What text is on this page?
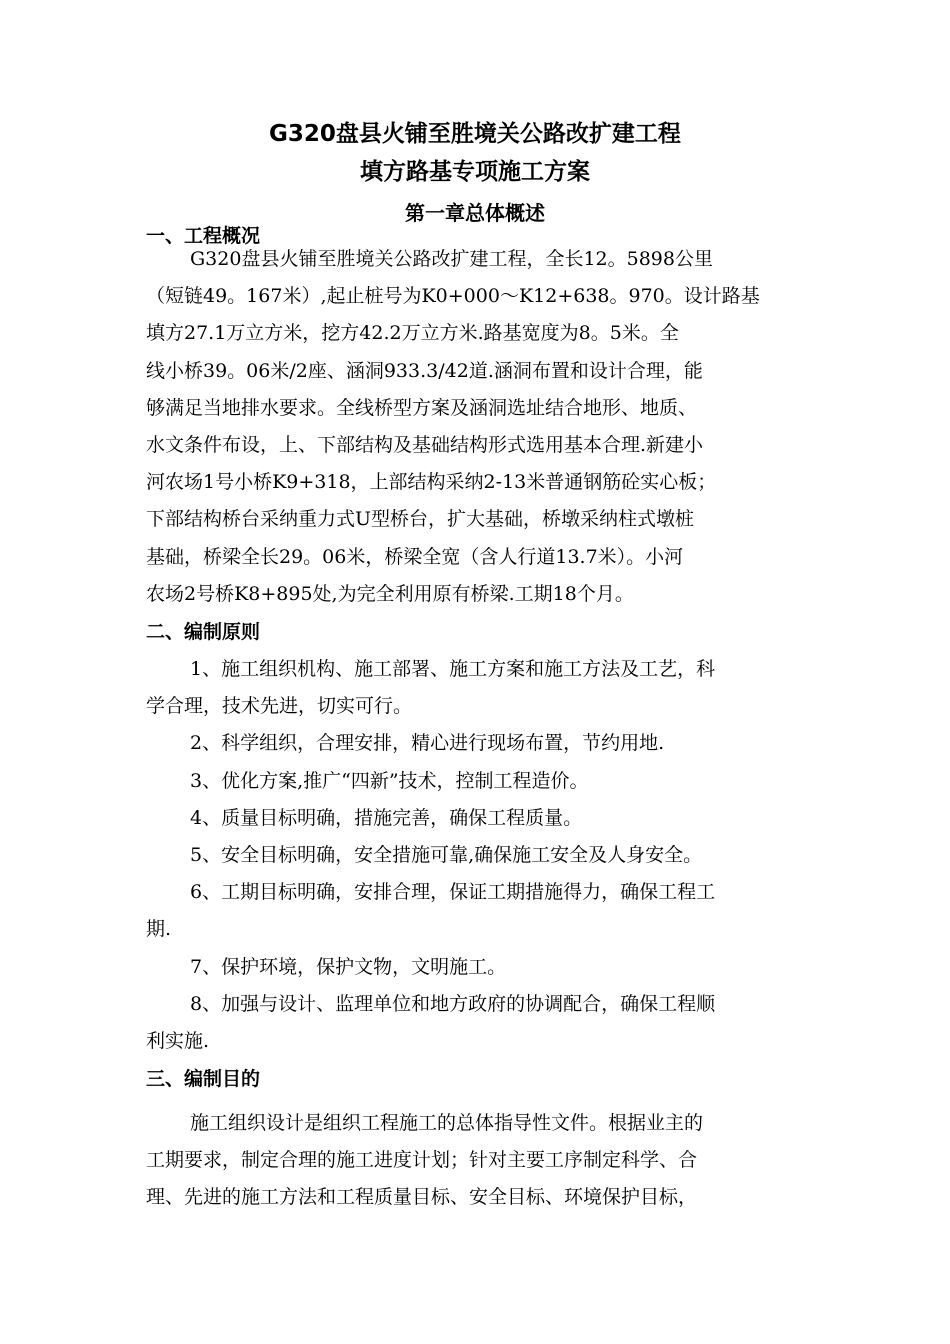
G320盘县火铺至胜境关公路改扩建工程
填方路基专项施工方案
第一章总体概述
一、工程概况
G320盘县火铺至胜境关公路改扩建工程，全长12。5898公里
（短链49。167米）,起止桩号为K0+000～K12+638。970。设计路基
填方27.1万立方米，挖方42.2万立方米.路基宽度为8。5米。全
线小桥39。06米/2座、涵洞933.3/42道.涵洞布置和设计合理，能
够满足当地排水要求。全线桥型方案及涵洞选址结合地形、地质、
水文条件布设，上、下部结构及基础结构形式选用基本合理.新建小
河农场1号小桥K9+318，上部结构采纳2-13米普通钢筋砼实心板；
下部结构桥台采纳重力式U型桥台，扩大基础，桥墩采纳柱式墩桩
基础，桥梁全长29。06米，桥梁全宽（含人行道13.7米）。小河
农场2号桥K8+895处,为完全利用原有桥梁.工期18个月。
二、编制原则
1、施工组织机构、施工部署、施工方案和施工方法及工艺，科
学合理，技术先进，切实可行。
2、科学组织，合理安排，精心进行现场布置，节约用地.
3、优化方案,推广“四新”技术，控制工程造价。
4、质量目标明确，措施完善，确保工程质量。
5、安全目标明确，安全措施可靠,确保施工安全及人身安全。
6、工期目标明确，安排合理，保证工期措施得力，确保工程工
期.
7、保护环境，保护文物，文明施工。
8、加强与设计、监理单位和地方政府的协调配合，确保工程顺
利实施.
三、编制目的
施工组织设计是组织工程施工的总体指导性文件。根据业主的
工期要求，制定合理的施工进度计划；针对主要工序制定科学、合
理、先进的施工方法和工程质量目标、安全目标、环境保护目标，
